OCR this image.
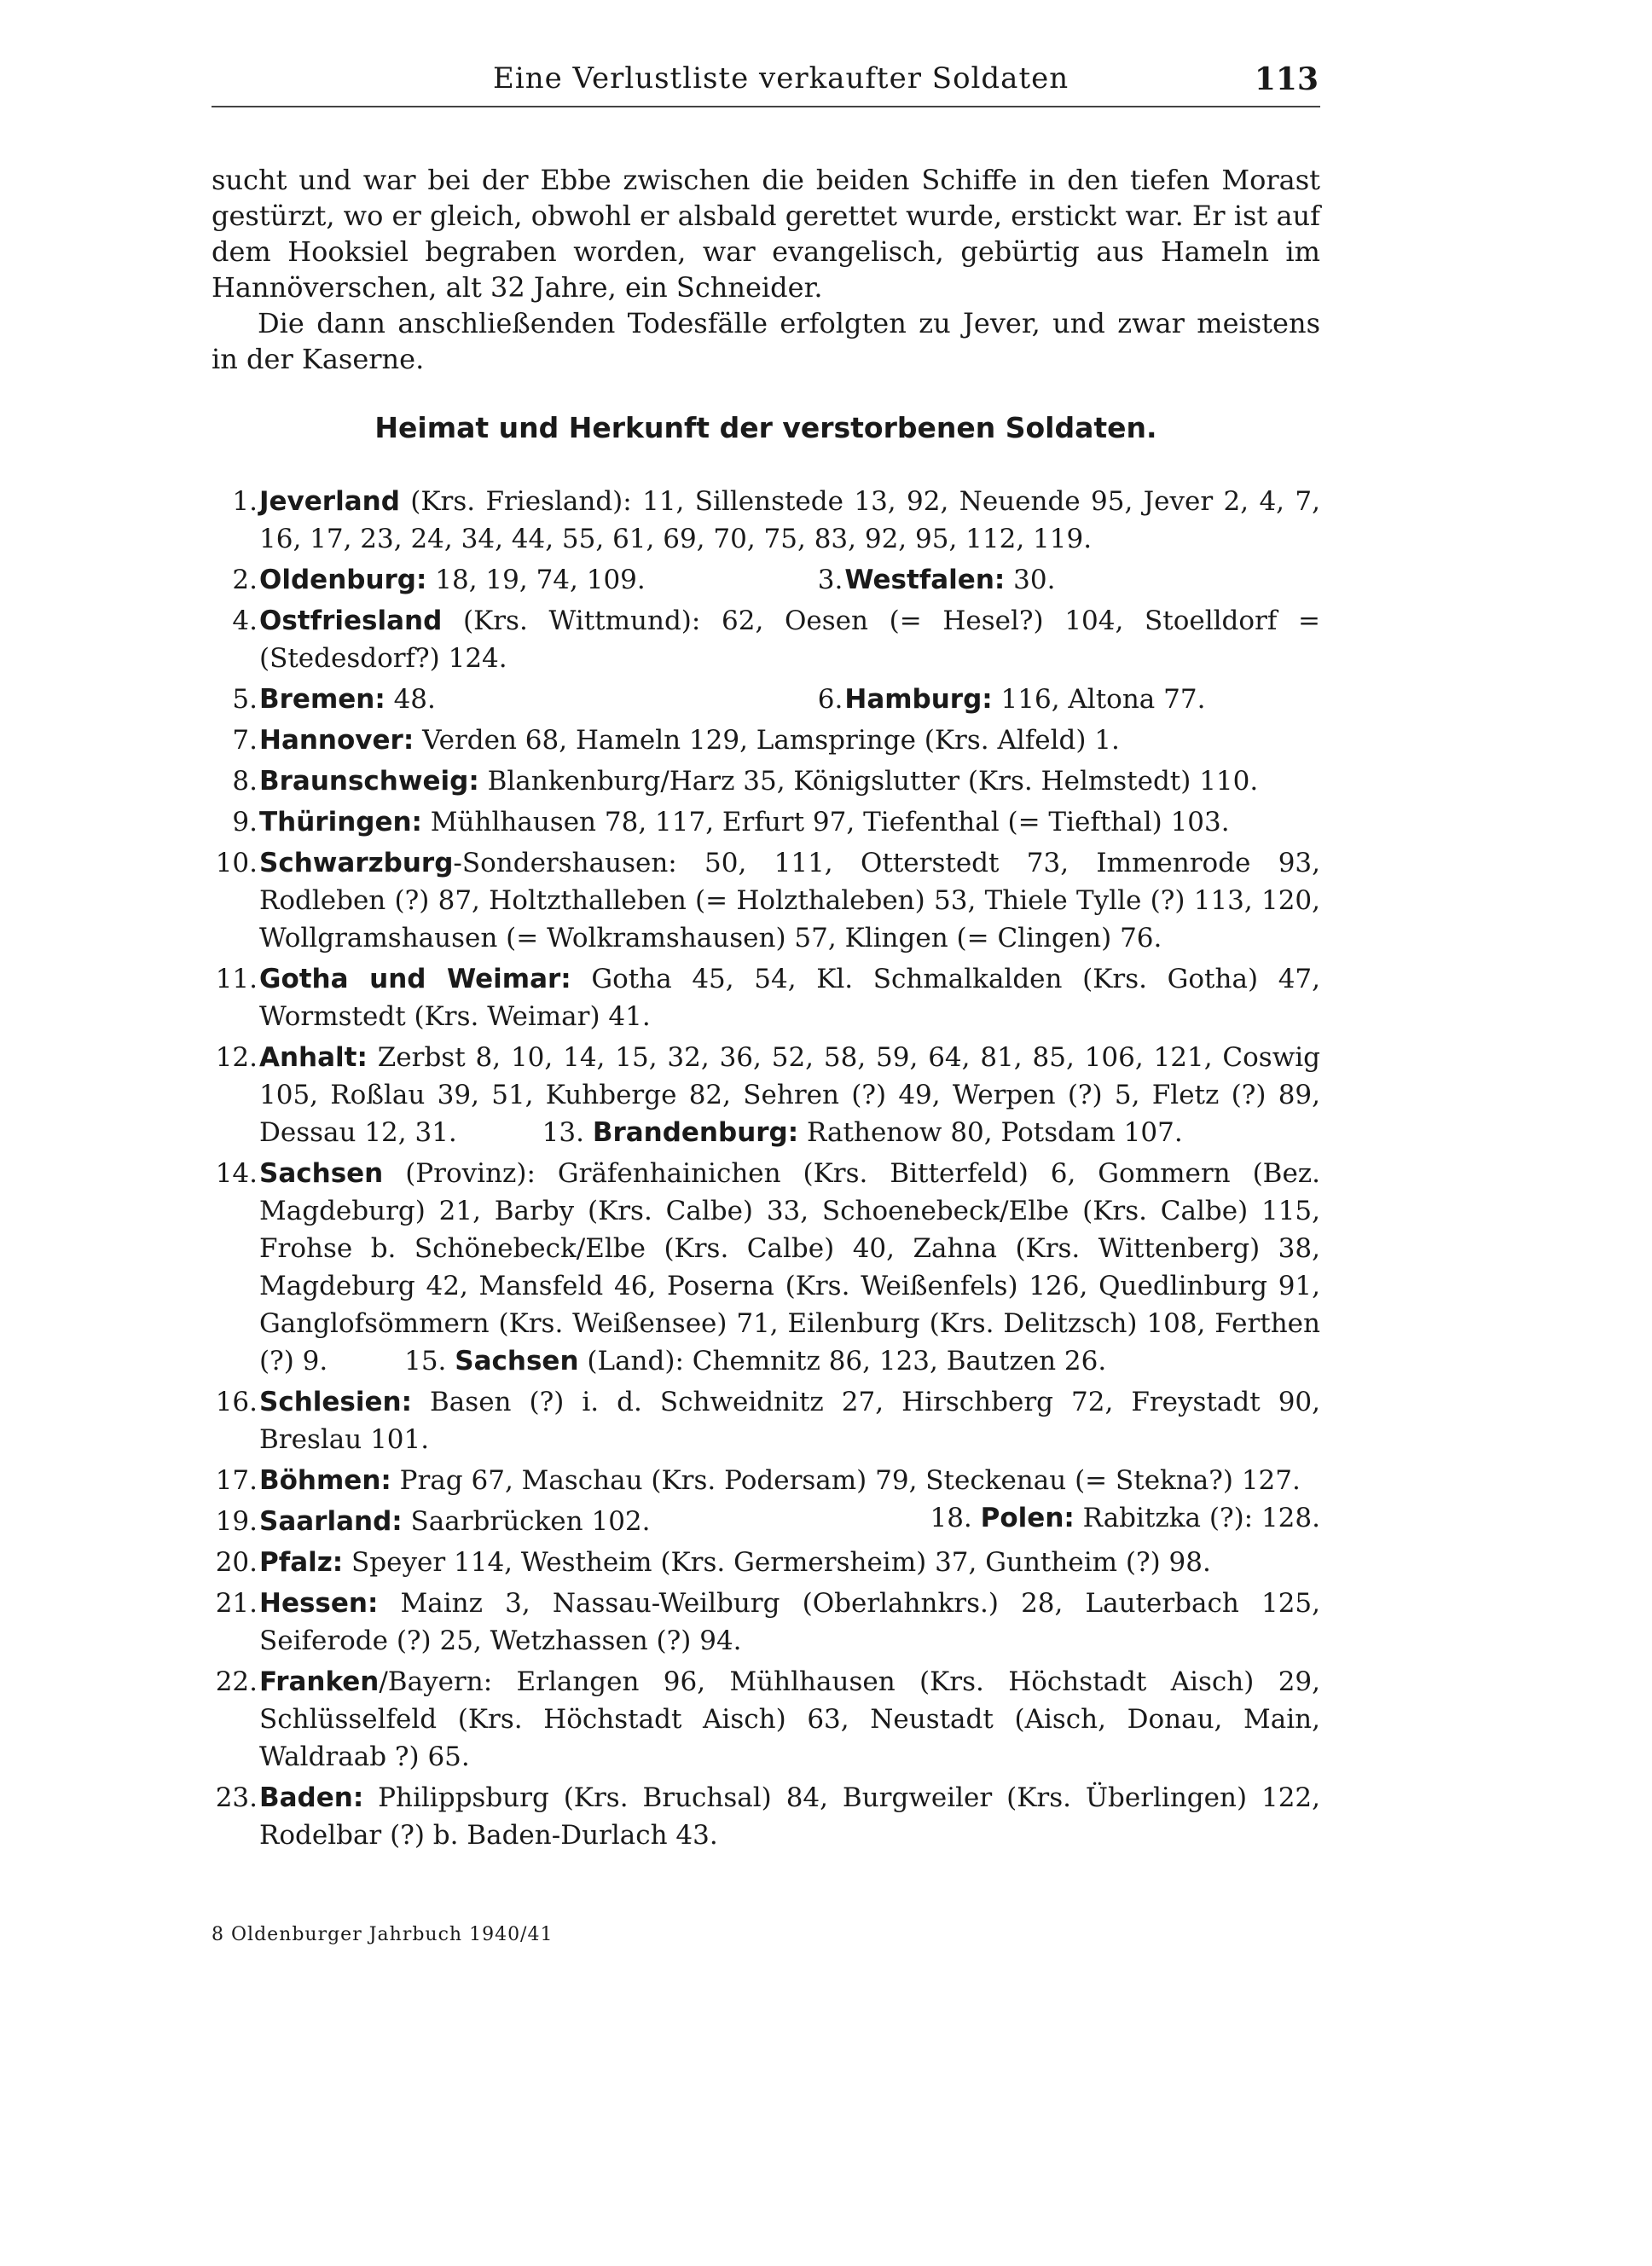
Eine Verlustliste verkaufter Soldaten	113

sucht und war bei der Ebbe zwischen die beiden Schiffe in den tiefen Morast gestürzt, wo er gleich, obwohl er alsbald gerettet wurde, erstickt war. Er ist auf dem Hooksiel begraben worden, war evangelisch, gebürtig aus Hameln im Hannöverschen, alt 32 Jahre, ein Schneider.

Die dann anschließenden Todesfälle erfolgten zu Jever, und zwar meistens in der Kaserne.

Heimat und Herkunft der verstorbenen Soldaten.
1. Jeverland (Krs. Friesland): 11, Sillenstede 13, 92, Neuende 95, Jever 2, 4, 7, 16, 17, 23, 24, 34, 44, 55, 61, 69, 70, 75, 83, 92, 95, 112, 119.
2. Oldenburg: 18, 19, 74, 109.	3. Westfalen: 30.
4. Ostfriesland (Krs. Wittmund): 62, Oesen (= Hesel?) 104, Stoelldorf = (Stedesdorf?) 124.
5. Bremen: 48.	6. Hamburg: 116, Altona 77.
7. Hannover: Verden 68, Hameln 129, Lamspringe (Krs. Alfeld) 1.
8. Braunschweig: Blankenburg/Harz 35, Königslutter (Krs. Helmstedt) 110.
9. Thüringen: Mühlhausen 78, 117, Erfurt 97, Tiefenthal (= Tiefthal) 103.
10. Schwarzburg-Sondershausen: 50, 111, Otterstedt 73, Immenrode 93, Rodleben (?) 87, Holtzthalleben (= Holzthaleben) 53, Thiele Tylle (?) 113, 120, Wollgramshausen (= Wolkramshausen) 57, Klingen (= Clingen) 76.
11. Gotha und Weimar: Gotha 45, 54, Kl. Schmalkalden (Krs. Gotha) 47, Wormstedt (Krs. Weimar) 41.
12. Anhalt: Zerbst 8, 10, 14, 15, 32, 36, 52, 58, 59, 64, 81, 85, 106, 121, Coswig 105, Roßlau 39, 51, Kuhberge 82, Sehren (?) 49, Werpen (?) 5, Fletz (?) 89, Dessau 12, 31.	13. Brandenburg: Rathenow 80, Potsdam 107.
14. Sachsen (Provinz): Gräfenhainichen (Krs. Bitterfeld) 6, Gommern (Bez. Magdeburg) 21, Barby (Krs. Calbe) 33, Schoenebeck/Elbe (Krs. Calbe) 115, Frohse b. Schönebeck/Elbe (Krs. Calbe) 40, Zahna (Krs. Wittenberg) 38, Magdeburg 42, Mansfeld 46, Poserna (Krs. Weißenfels) 126, Quedlinburg 91, Ganglofsömmern (Krs. Weißensee) 71, Eilenburg (Krs. Delitzsch) 108, Ferthen (?) 9.	15. Sachsen (Land): Chemnitz 86, 123, Bautzen 26.
16. Schlesien: Basen (?) i. d. Schweidnitz 27, Hirschberg 72, Freystadt 90, Breslau 101.
17. Böhmen: Prag 67, Maschau (Krs. Podersam) 79, Steckenau (= Stekna?) 127.
18. Polen: Rabitzka (?): 128.
19. Saarland: Saarbrücken 102.
20. Pfalz: Speyer 114, Westheim (Krs. Germersheim) 37, Guntheim (?) 98.
21. Hessen: Mainz 3, Nassau-Weilburg (Oberlahnkrs.) 28, Lauterbach 125, Seiferode (?) 25, Wetzhassen (?) 94.
22. Franken/Bayern: Erlangen 96, Mühlhausen (Krs. Höchstadt Aisch) 29, Schlüsselfeld (Krs. Höchstadt Aisch) 63, Neustadt (Aisch, Donau, Main, Waldraab ?) 65.
23. Baden: Philippsburg (Krs. Bruchsal) 84, Burgweiler (Krs. Überlingen) 122, Rodelbar (?) b. Baden-Durlach 43.
8 Oldenburger Jahrbuch 1940/41
